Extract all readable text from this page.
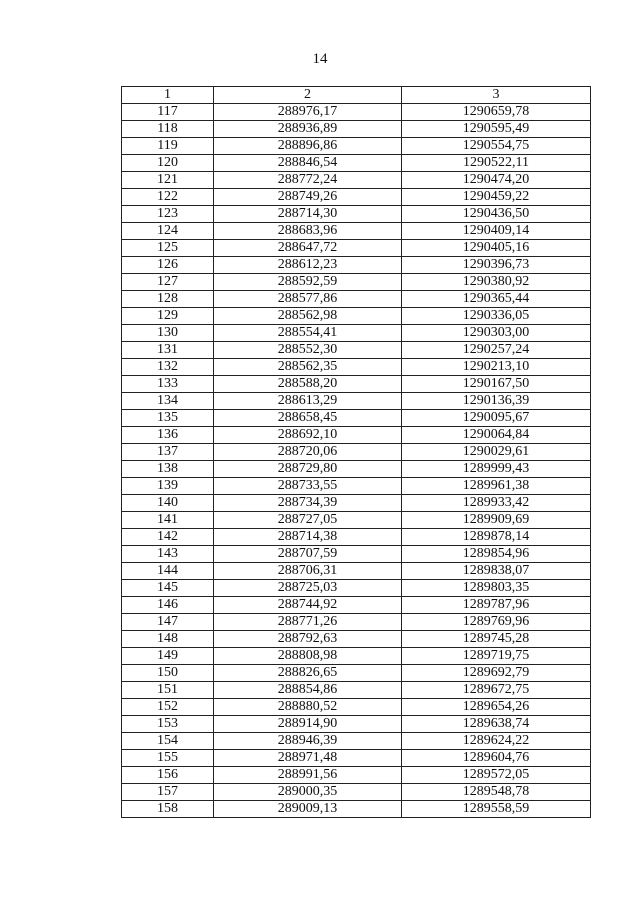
14
1	2	3
117	288976,17	1290659,78
118	288936,89	1290595,49
119	288896,86	1290554,75
120	288846,54	1290522,11
121	288772,24	1290474,20
122	288749,26	1290459,22
123	288714,30	1290436,50
124	288683,96	1290409,14
125	288647,72	1290405,16
126	288612,23	1290396,73
127	288592,59	1290380,92
128	288577,86	1290365,44
129	288562,98	1290336,05
130	288554,41	1290303,00
131	288552,30	1290257,24
132	288562,35	1290213,10
133	288588,20	1290167,50
134	288613,29	1290136,39
135	288658,45	1290095,67
136	288692,10	1290064,84
137	288720,06	1290029,61
138	288729,80	1289999,43
139	288733,55	1289961,38
140	288734,39	1289933,42
141	288727,05	1289909,69
142	288714,38	1289878,14
143	288707,59	1289854,96
144	288706,31	1289838,07
145	288725,03	1289803,35
146	288744,92	1289787,96
147	288771,26	1289769,96
148	288792,63	1289745,28
149	288808,98	1289719,75
150	288826,65	1289692,79
151	288854,86	1289672,75
152	288880,52	1289654,26
153	288914,90	1289638,74
154	288946,39	1289624,22
155	288971,48	1289604,76
156	288991,56	1289572,05
157	289000,35	1289548,78
158	289009,13	1289558,59
